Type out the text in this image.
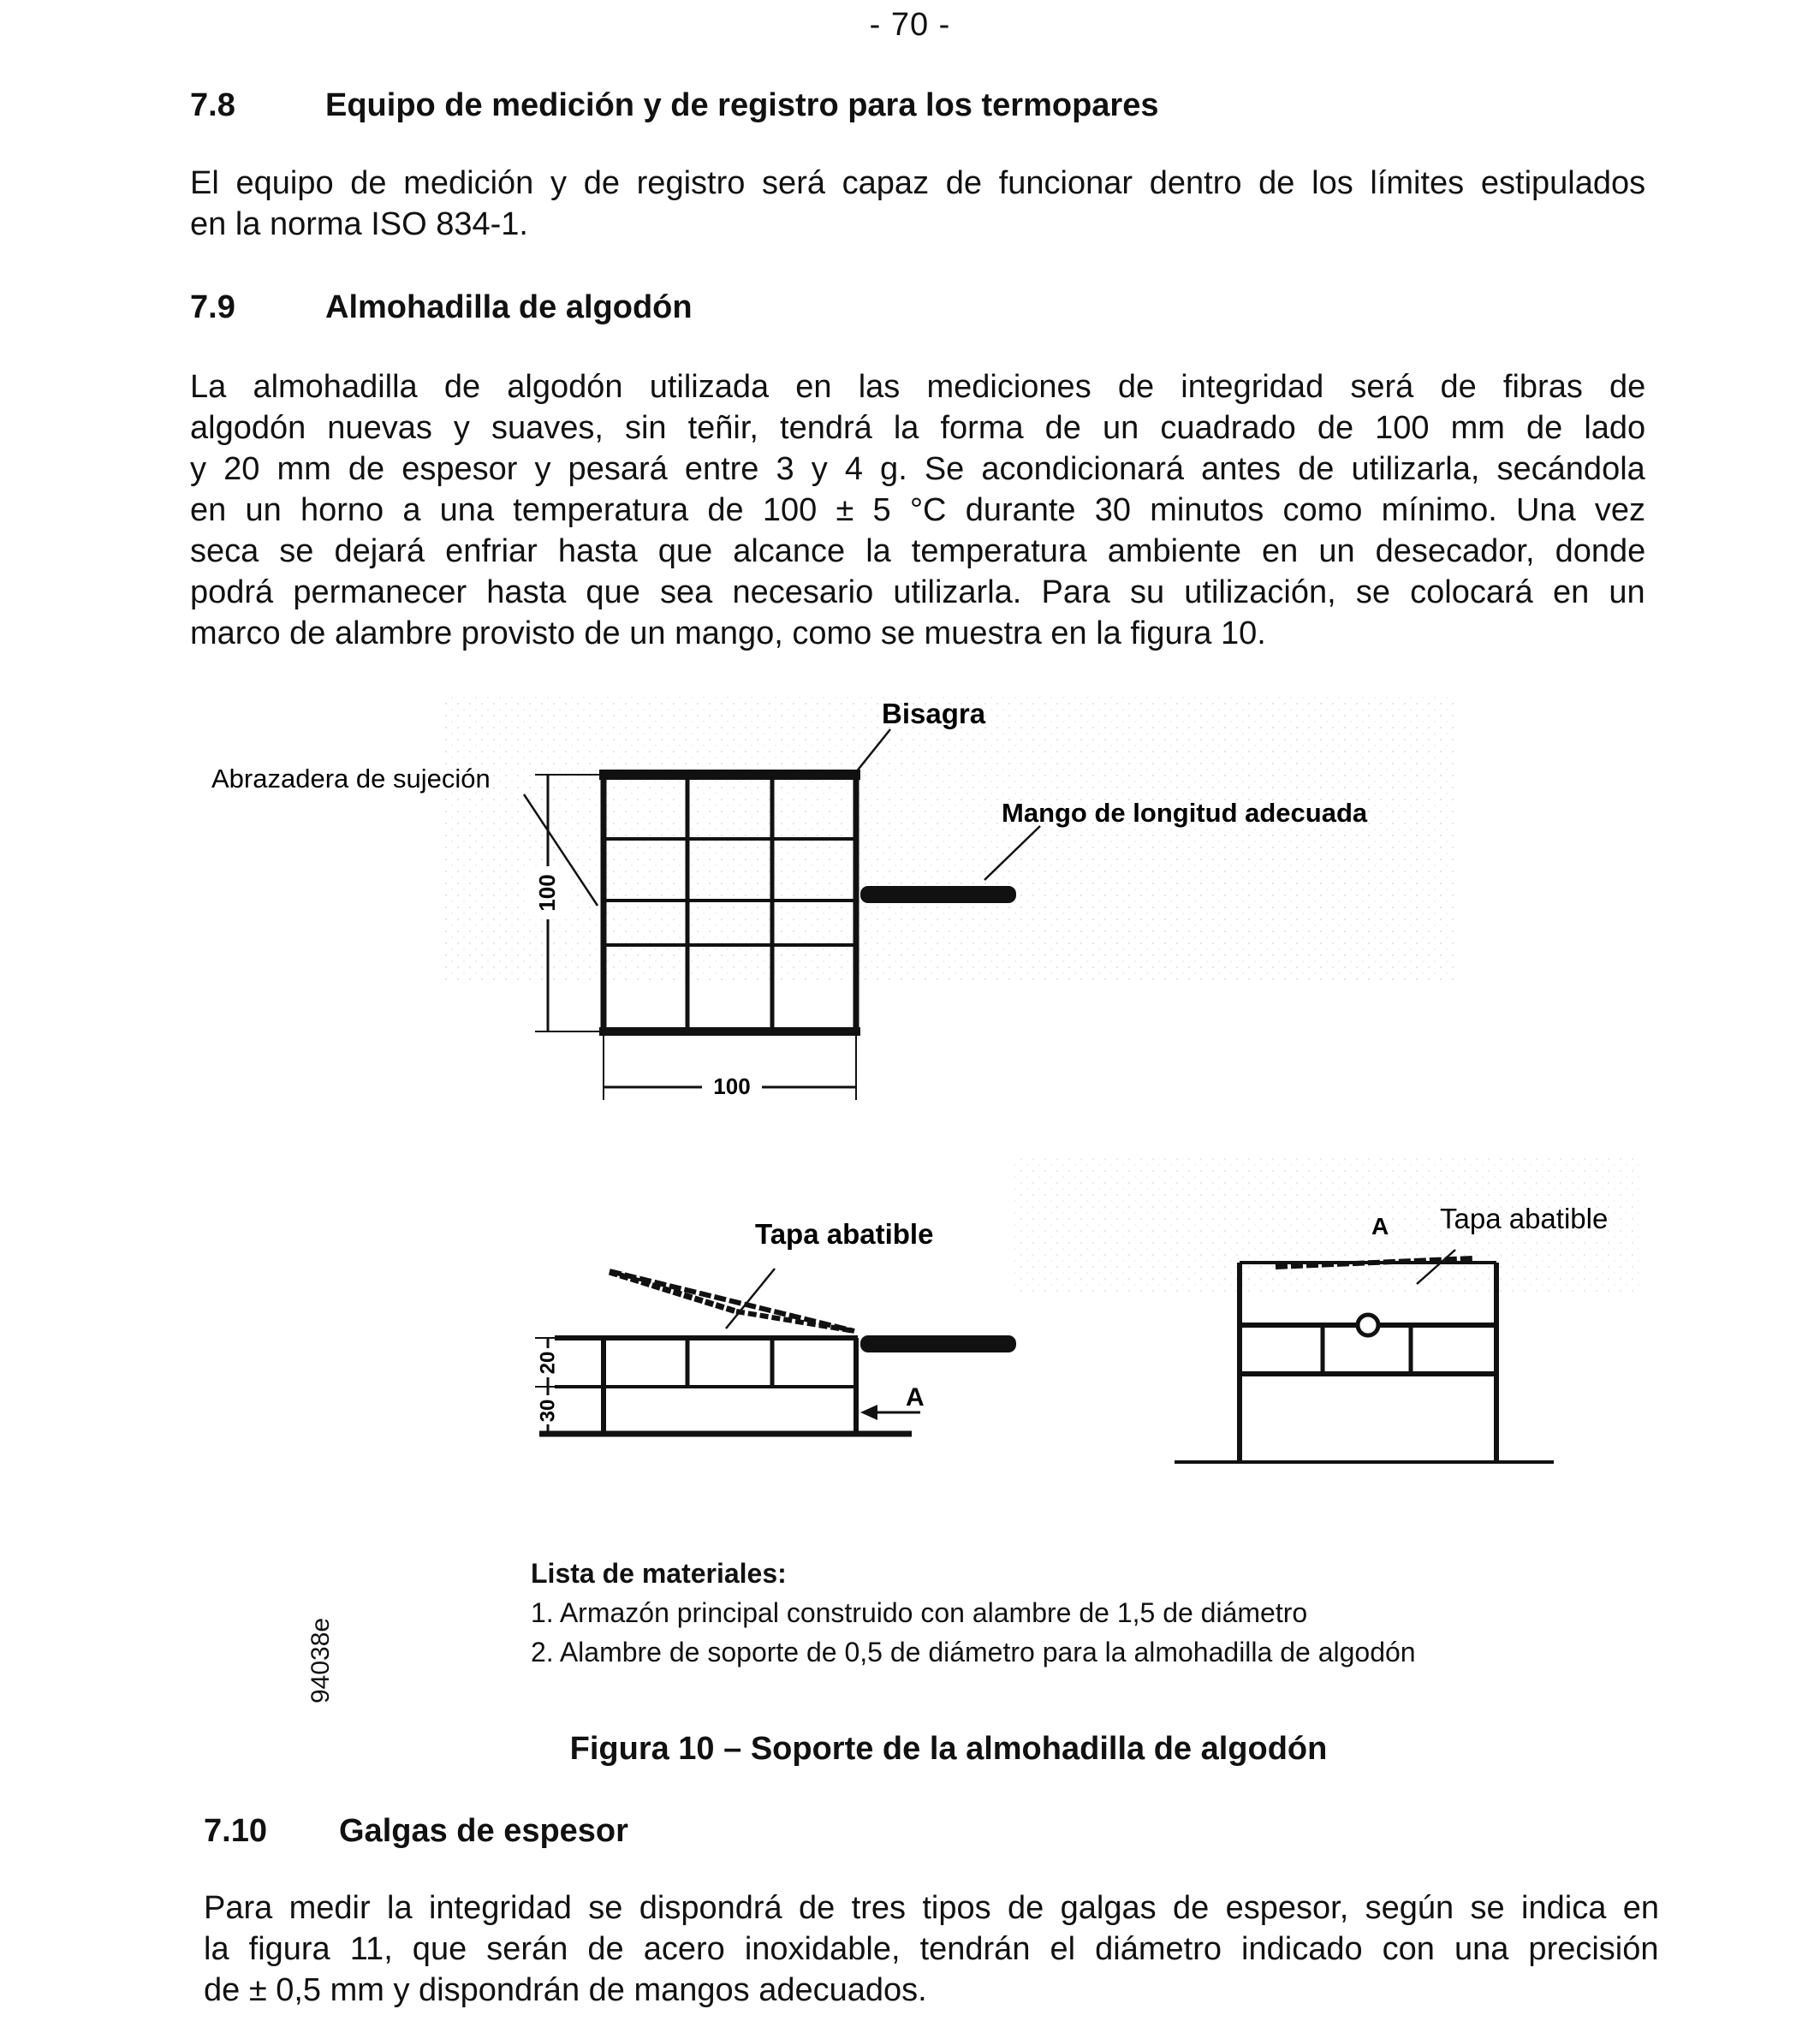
- 70 -
7.8	Equipo de medición y de registro para los termopares
El equipo de medición y de registro será capaz de funcionar dentro de los límites estipulados
en la norma ISO 834-1.
7.9	Almohadilla de algodón
La almohadilla de algodón utilizada en las mediciones de integridad será de fibras de
algodón nuevas y suaves, sin teñir, tendrá la forma de un cuadrado de 100 mm de lado
y 20 mm de espesor y pesará entre 3 y 4 g. Se acondicionará antes de utilizarla, secándola
en un horno a una temperatura de 100 ± 5 °C durante 30 minutos como mínimo. Una vez
seca se dejará enfriar hasta que alcance la temperatura ambiente en un desecador, donde
podrá permanecer hasta que sea necesario utilizarla. Para su utilización, se colocará en un
marco de alambre provisto de un mango, como se muestra en la figura 10.
100
100
Bisagra
Abrazadera de sujeción
Mango de longitud adecuada
20
30	A
Tapa abatible	A Tapa abatible
94038e
Lista de materiales:
1. Armazón principal construido con alambre de 1,5 de diámetro
2. Alambre de soporte de 0,5 de diámetro para la almohadilla de algodón
Figura 10 – Soporte de la almohadilla de algodón
7.10 Galgas de espesor
Para medir la integridad se dispondrá de tres tipos de galgas de espesor, según se indica en
la figura 11, que serán de acero inoxidable, tendrán el diámetro indicado con una precisión
de ± 0,5 mm y dispondrán de mangos adecuados.
